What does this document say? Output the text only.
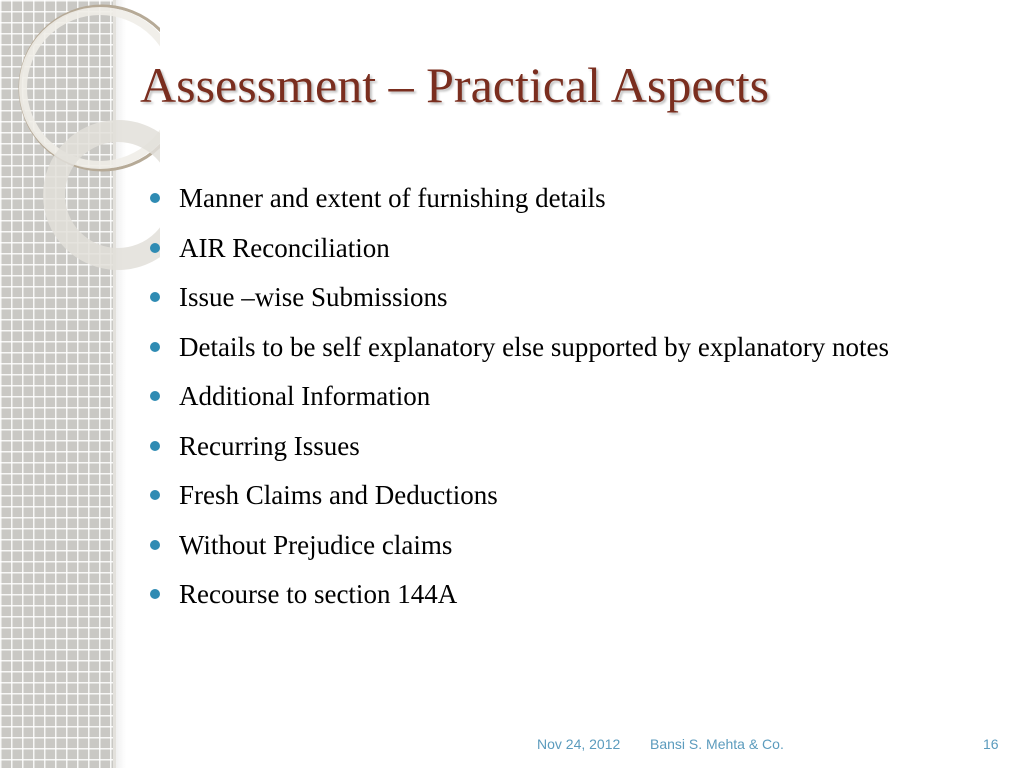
Assessment – Practical Aspects
Manner and extent of furnishing details
AIR Reconciliation
Issue –wise Submissions
Details to be self explanatory else supported by explanatory notes
Additional Information
Recurring Issues
Fresh Claims and Deductions
Without Prejudice claims
Recourse to section 144A
Nov 24, 2012 Bansi S. Mehta & Co.	16
